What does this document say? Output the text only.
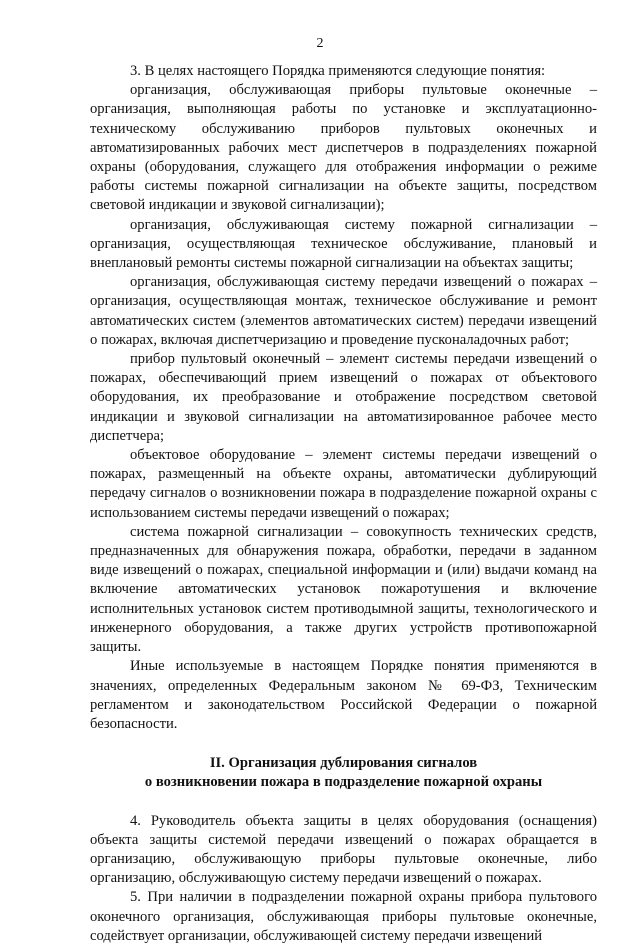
2

3. В целях настоящего Порядка применяются следующие понятия:

организация, обслуживающая приборы пультовые оконечные – организация, выполняющая работы по установке и эксплуатационно-техническому обслуживанию приборов пультовых оконечных и автоматизированных рабочих мест диспетчеров в подразделениях пожарной охраны (оборудования, служащего для отображения информации о режиме работы системы пожарной сигнализации на объекте защиты, посредством световой индикации и звуковой сигнализации);

организация, обслуживающая систему пожарной сигнализации – организация, осуществляющая техническое обслуживание, плановый и внеплановый ремонты системы пожарной сигнализации на объектах защиты;

организация, обслуживающая систему передачи извещений о пожарах – организация, осуществляющая монтаж, техническое обслуживание и ремонт автоматических систем (элементов автоматических систем) передачи извещений о пожарах, включая диспетчеризацию и проведение пусконаладочных работ;

прибор пультовый оконечный – элемент системы передачи извещений о пожарах, обеспечивающий прием извещений о пожарах от объектового оборудования, их преобразование и отображение посредством световой индикации и звуковой сигнализации на автоматизированное рабочее место диспетчера;

объектовое оборудование – элемент системы передачи извещений о пожарах, размещенный на объекте охраны, автоматически дублирующий передачу сигналов о возникновении пожара в подразделение пожарной охраны с использованием системы передачи извещений о пожарах;

система пожарной сигнализации – совокупность технических средств, предназначенных для обнаружения пожара, обработки, передачи в заданном виде извещений о пожарах, специальной информации и (или) выдачи команд на включение автоматических установок пожаротушения и включение исполнительных установок систем противодымной защиты, технологического и инженерного оборудования, а также других устройств противопожарной защиты.

Иные используемые в настоящем Порядке понятия применяются в значениях, определенных Федеральным законом № 69-ФЗ, Техническим регламентом и законодательством Российской Федерации о пожарной безопасности.

II. Организация дублирования сигналов
о возникновении пожара в подразделение пожарной охраны

4. Руководитель объекта защиты в целях оборудования (оснащения) объекта защиты системой передачи извещений о пожарах обращается в организацию, обслуживающую приборы пультовые оконечные, либо организацию, обслуживающую систему передачи извещений о пожарах.

5. При наличии в подразделении пожарной охраны прибора пультового оконечного организация, обслуживающая приборы пультовые оконечные, содействует организации, обслуживающей систему передачи извещений
